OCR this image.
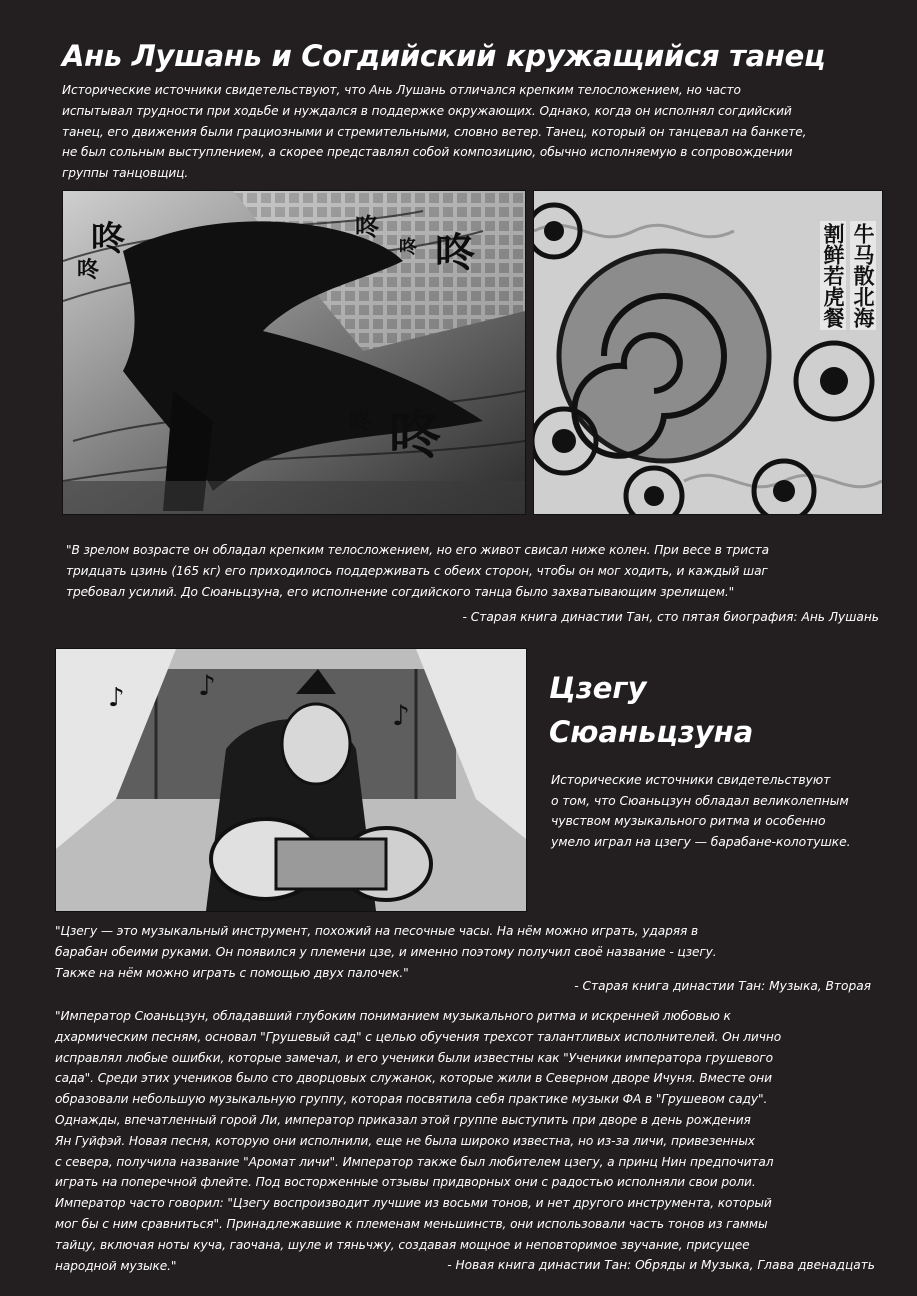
Ань Лушань и Согдийский кружащийся танец

Исторические источники свидетельствуют, что Ань Лушань отличался крепким телосложением, но часто
испытывал трудности при ходьбе и нуждался в поддержке окружающих. Однако, когда он исполнял согдийский
танец, его движения были грациозными и стремительными, словно ветер. Танец, который он танцевал на банкете,
не был сольным выступлением, а скорее представлял собой композицию, обычно исполняемую в сопровождении
группы танцовщиц.

咚
咚
咚
咚 咚
咚 咚
牛马散北海
割鲜若虎餐

"В зрелом возрасте он обладал крепким телосложением, но его живот свисал ниже колен. При весе в триста
тридцать цзинь (165 кг) его приходилось поддерживать с обеих сторон, чтобы он мог ходить, и каждый шаг
требовал усилий. До Сюаньцзуна, его исполнение согдийского танца было захватывающим зрелищем."

- Старая книга династии Тан, сто пятая биография: Ань Лушань
♪	♪
♪
Цзегу
Сюаньцзуна

Исторические источники свидетельствуют
о том, что Сюаньцзун обладал великолепным
чувством музыкального ритма и особенно
умело играл на цзегу — барабане-колотушке.

"Цзегу — это музыкальный инструмент, похожий на песочные часы. На нём можно играть, ударяя в
барабан обеими руками. Он появился у племени цзе, и именно поэтому получил своё название - цзегу.
Также на нём можно играть с помощью двух палочек."

- Старая книга династии Тан: Музыка, Вторая

"Император Сюаньцзун, обладавший глубоким пониманием музыкального ритма и искренней любовью к
дхармическим песням, основал "Грушевый сад" с целью обучения трехсот талантливых исполнителей. Он лично
исправлял любые ошибки, которые замечал, и его ученики были известны как "Ученики императора грушевого
сада". Среди этих учеников было сто дворцовых служанок, которые жили в Северном дворе Ичуня. Вместе они
образовали небольшую музыкальную группу, которая посвятила себя практике музыки ФА в "Грушевом саду".
Однажды, впечатленный горой Ли, император приказал этой группе выступить при дворе в день рождения
Ян Гуйфэй. Новая песня, которую они исполнили, еще не была широко известна, но из-за личи, привезенных
с севера, получила название "Аромат личи". Император также был любителем цзегу, а принц Нин предпочитал
играть на поперечной флейте. Под восторженные отзывы придворных они с радостью исполняли свои роли.
Император часто говорил: "Цзегу воспроизводит лучшие из восьми тонов, и нет другого инструмента, который
мог бы с ним сравниться". Принадлежавшие к племенам меньшинств, они использовали часть тонов из гаммы
тайцу, включая ноты куча, гаочана, шуле и тяньчжу, создавая мощное и неповторимое звучание, присущее
народной музыке."	- Новая книга династии Тан: Обряды и Музыка, Глава двенадцать
